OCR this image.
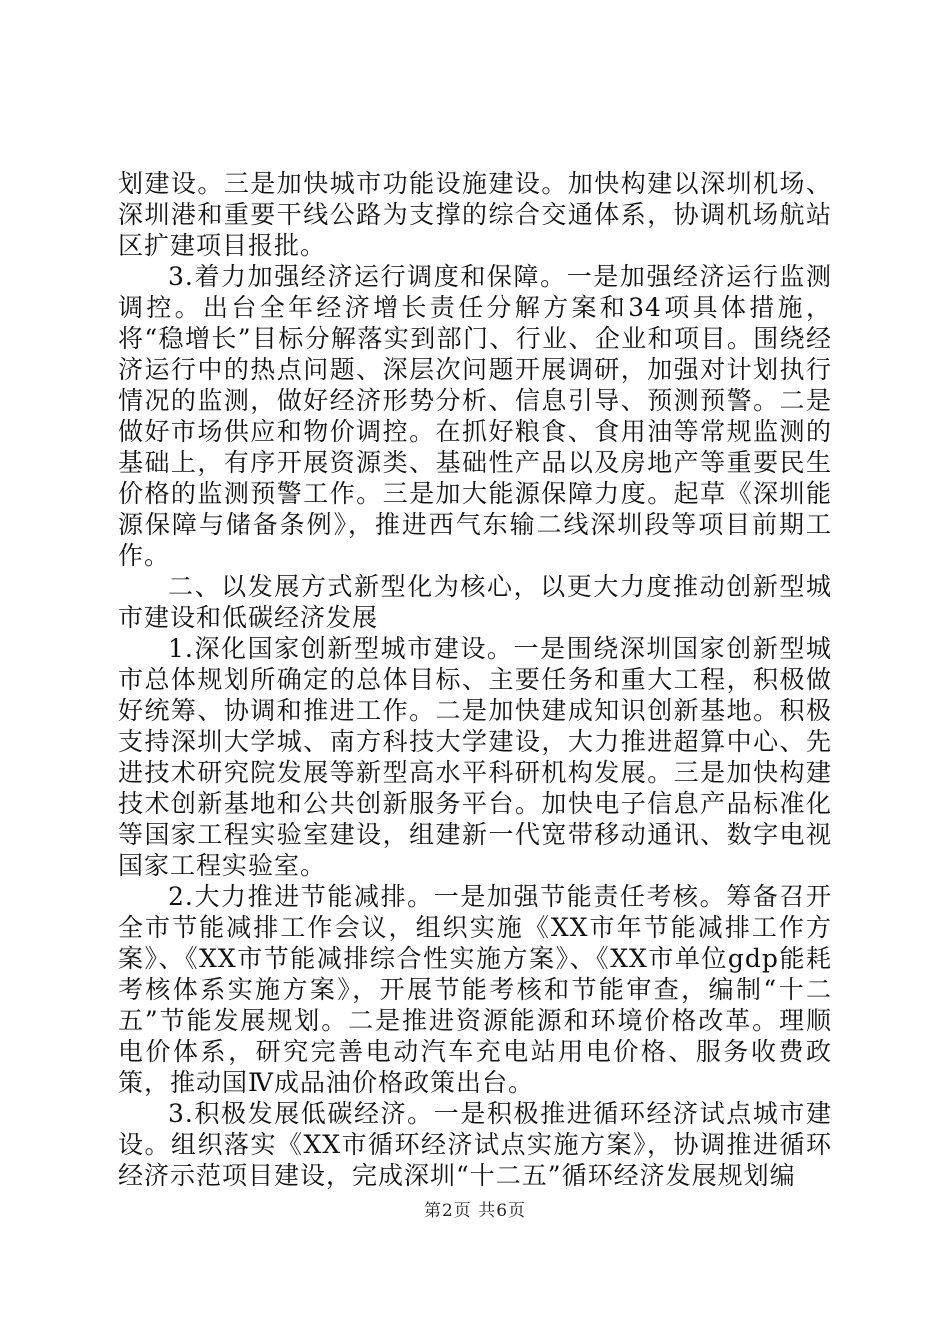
划建设。三是加快城市功能设施建设。加快构建以深圳机场、深圳港和重要干线公路为支撑的综合交通体系，协调机场航站区扩建项目报批。

3.着力加强经济运行调度和保障。一是加强经济运行监测调控。出台全年经济增长责任分解方案和34项具体措施，将“稳增长”目标分解落实到部门、行业、企业和项目。围绕经济运行中的热点问题、深层次问题开展调研，加强对计划执行情况的监测，做好经济形势分析、信息引导、预测预警。二是做好市场供应和物价调控。在抓好粮食、食用油等常规监测的基础上，有序开展资源类、基础性产品以及房地产等重要民生价格的监测预警工作。三是加大能源保障力度。起草《深圳能源保障与储备条例》，推进西气东输二线深圳段等项目前期工作。

二、以发展方式新型化为核心，以更大力度推动创新型城市建设和低碳经济发展

1.深化国家创新型城市建设。一是围绕深圳国家创新型城市总体规划所确定的总体目标、主要任务和重大工程，积极做好统筹、协调和推进工作。二是加快建成知识创新基地。积极支持深圳大学城、南方科技大学建设，大力推进超算中心、先进技术研究院发展等新型高水平科研机构发展。三是加快构建技术创新基地和公共创新服务平台。加快电子信息产品标准化等国家工程实验室建设，组建新一代宽带移动通讯、数字电视国家工程实验室。

2.大力推进节能减排。一是加强节能责任考核。筹备召开全市节能减排工作会议，组织实施《XX市年节能减排工作方案》、《XX市节能减排综合性实施方案》、《XX市单位gdp能耗考核体系实施方案》，开展节能考核和节能审查，编制“十二五”节能发展规划。二是推进资源能源和环境价格改革。理顺电价体系，研究完善电动汽车充电站用电价格、服务收费政策，推动国Ⅳ成品油价格政策出台。

3.积极发展低碳经济。一是积极推进循环经济试点城市建设。组织落实《XX市循环经济试点实施方案》，协调推进循环经济示范项目建设，完成深圳“十二五”循环经济发展规划编

第2页 共6页
